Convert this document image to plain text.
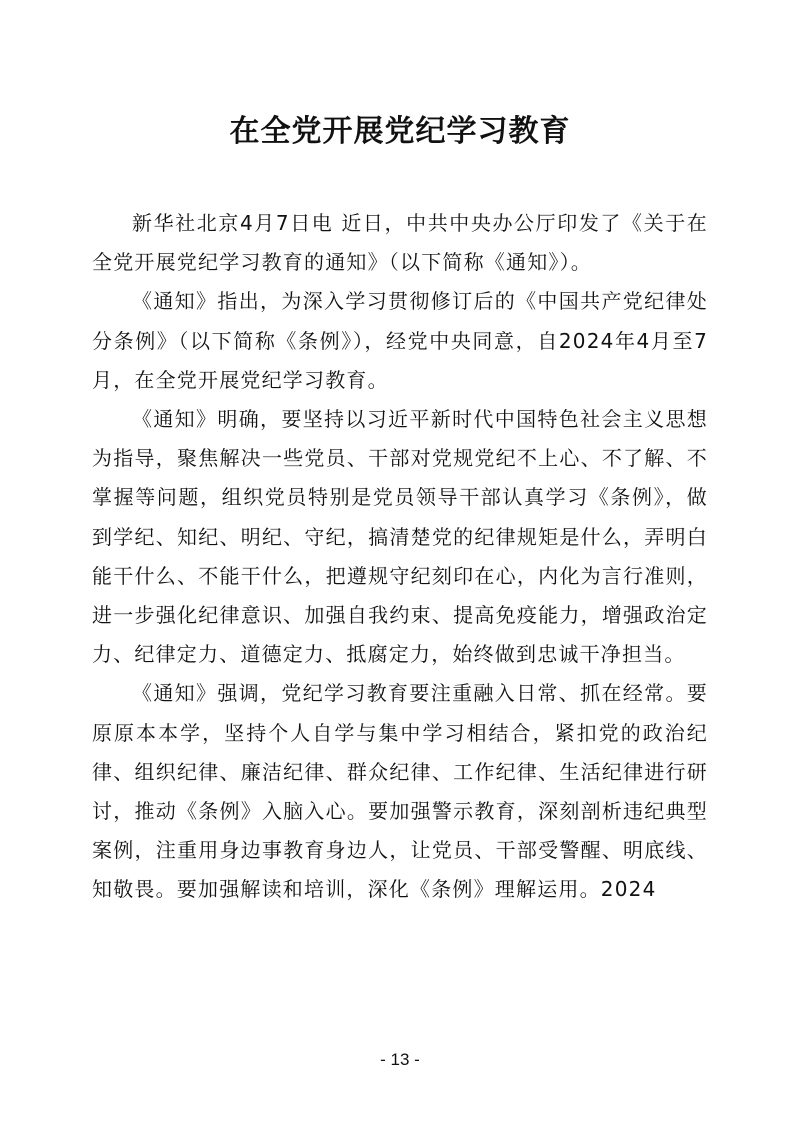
在全党开展党纪学习教育

新华社北京4月7日电 近日，中共中央办公厅印发了《关于在全党开展党纪学习教育的通知》（以下简称《通知》）。

《通知》指出，为深入学习贯彻修订后的《中国共产党纪律处分条例》（以下简称《条例》），经党中央同意，自2024年4月至7月，在全党开展党纪学习教育。

《通知》明确，要坚持以习近平新时代中国特色社会主义思想为指导，聚焦解决一些党员、干部对党规党纪不上心、不了解、不掌握等问题，组织党员特别是党员领导干部认真学习《条例》，做到学纪、知纪、明纪、守纪，搞清楚党的纪律规矩是什么，弄明白能干什么、不能干什么，把遵规守纪刻印在心，内化为言行准则，进一步强化纪律意识、加强自我约束、提高免疫能力，增强政治定力、纪律定力、道德定力、抵腐定力，始终做到忠诚干净担当。

《通知》强调，党纪学习教育要注重融入日常、抓在经常。要原原本本学，坚持个人自学与集中学习相结合，紧扣党的政治纪律、组织纪律、廉洁纪律、群众纪律、工作纪律、生活纪律进行研讨，推动《条例》入脑入心。要加强警示教育，深刻剖析违纪典型案例，注重用身边事教育身边人，让党员、干部受警醒、明底线、知敬畏。要加强解读和培训，深化《条例》理解运用。2024

- 13 -
